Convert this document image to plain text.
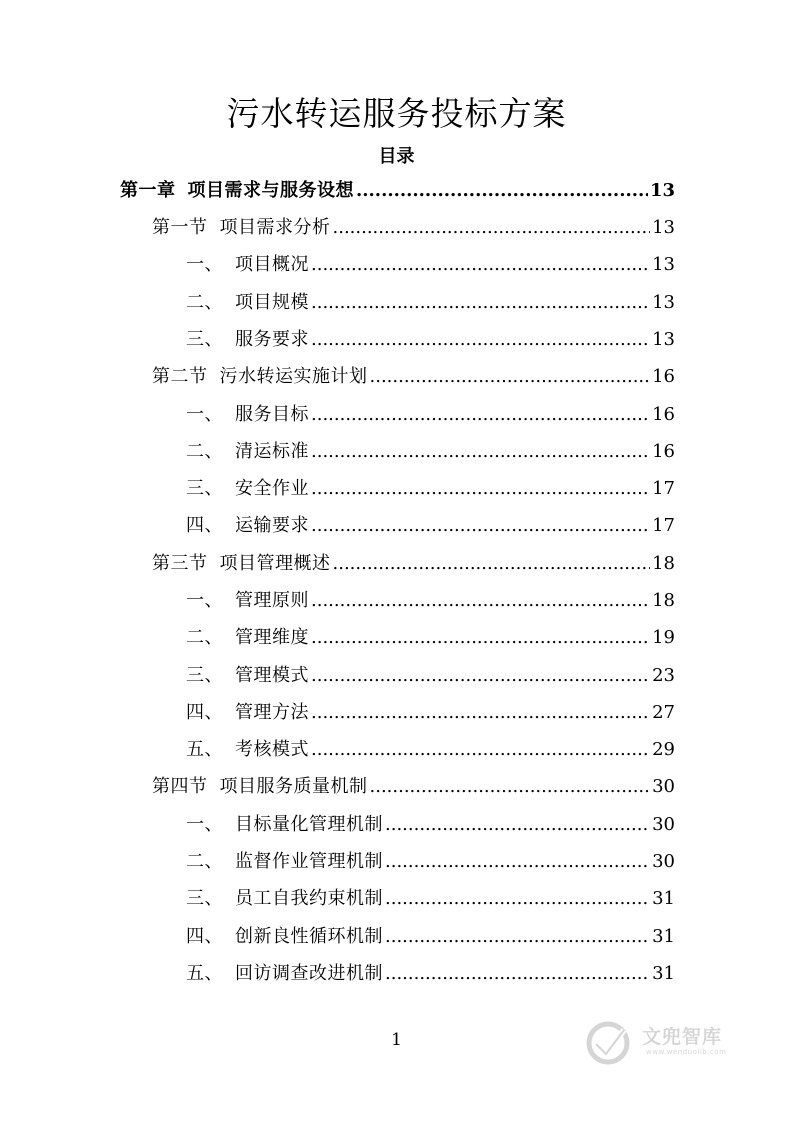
污水转运服务投标方案
目录
第一章 项目需求与服务设想 .....	13
第一节 项目需求分析 .....	13
一、 项目概况 .....	13
二、 项目规模 .....	13
三、 服务要求 .....	13
第二节 污水转运实施计划 .....	16
一、 服务目标 .....	16
二、 清运标准 .....	16
三、 安全作业 .....	17
四、 运输要求 .....	17
第三节 项目管理概述 .....	18
一、 管理原则 .....	18
二、 管理维度 .....	19
三、 管理模式 .....	23
四、 管理方法 .....	27
五、 考核模式 .....	29
第四节 项目服务质量机制 .....	30
一、 目标量化管理机制 .....	30
二、 监督作业管理机制 .....	30
三、 员工自我约束机制 .....	31
四、 创新良性循环机制 .....	31
五、 回访调查改进机制 .....	31
1	文兜智库
www.wenduolib.com
